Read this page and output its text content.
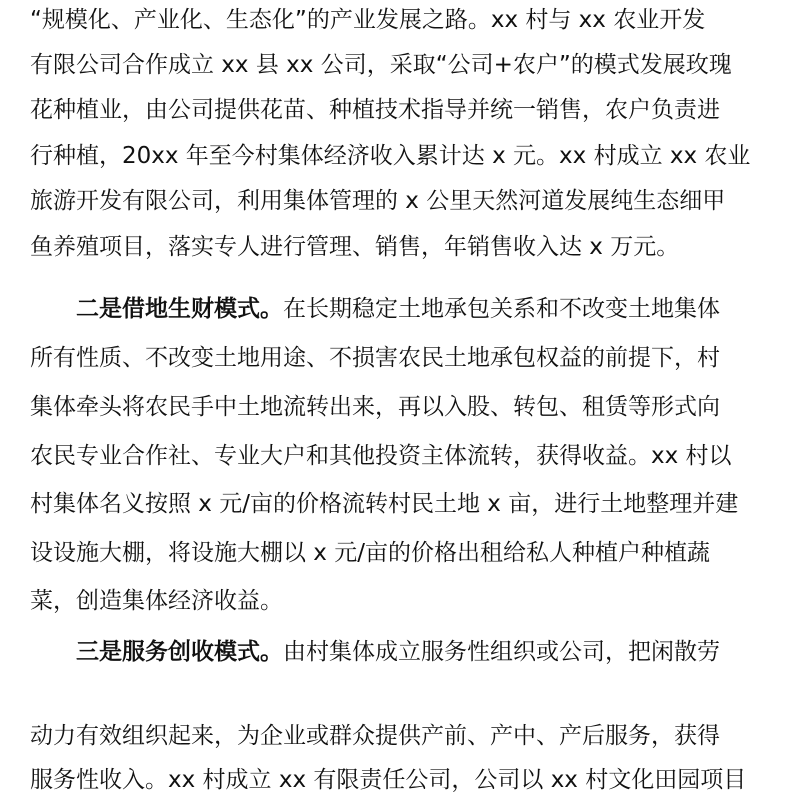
“规模化、产业化、生态化”的产业发展之路。xx 村与 xx 农业开发
有限公司合作成立 xx 县 xx 公司，采取“公司+农户”的模式发展玫瑰
花种植业，由公司提供花苗、种植技术指导并统一销售，农户负责进
行种植，20xx 年至今村集体经济收入累计达 x 元。xx 村成立 xx 农业
旅游开发有限公司，利用集体管理的 x 公里天然河道发展纯生态细甲
鱼养殖项目，落实专人进行管理、销售，年销售收入达 x 万元。
二是借地生财模式。在长期稳定土地承包关系和不改变土地集体
所有性质、不改变土地用途、不损害农民土地承包权益的前提下，村
集体牵头将农民手中土地流转出来，再以入股、转包、租赁等形式向
农民专业合作社、专业大户和其他投资主体流转，获得收益。xx 村以
村集体名义按照 x 元/亩的价格流转村民土地 x 亩，进行土地整理并建
设设施大棚，将设施大棚以 x 元/亩的价格出租给私人种植户种植蔬
菜，创造集体经济收益。
三是服务创收模式。由村集体成立服务性组织或公司，把闲散劳
动力有效组织起来，为企业或群众提供产前、产中、产后服务，获得
服务性收入。xx 村成立 xx 有限责任公司，公司以 xx 村文化田园项目
